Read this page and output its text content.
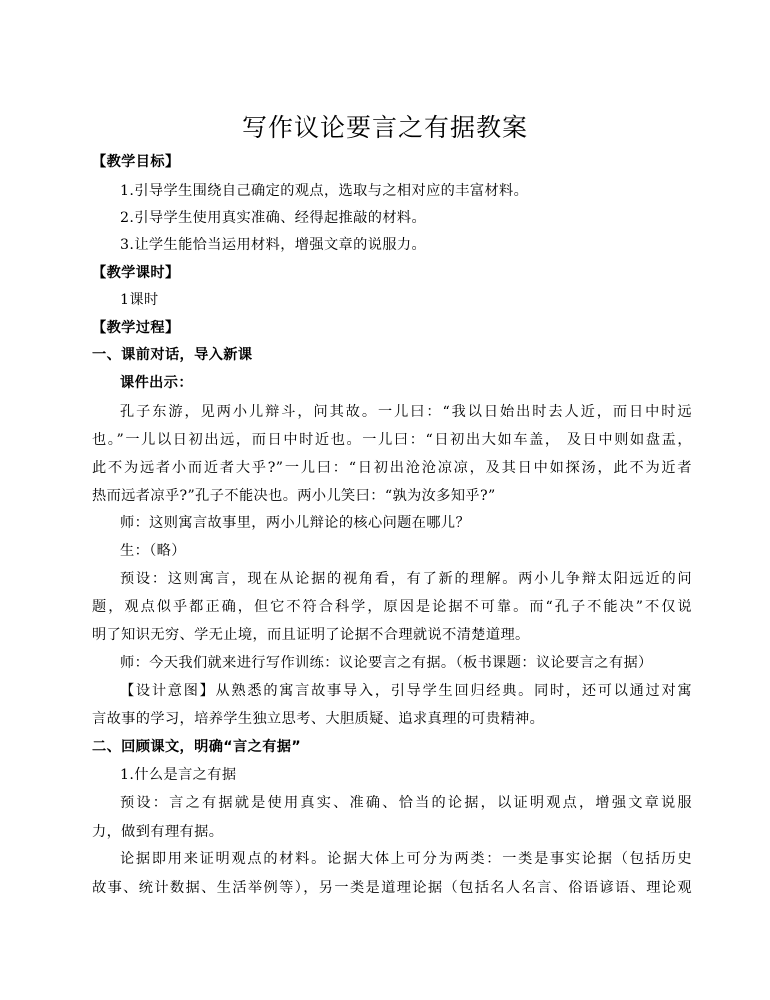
写作议论要言之有据教案
【教学目标】
1.引导学生围绕自己确定的观点，选取与之相对应的丰富材料。
2.引导学生使用真实准确、经得起推敲的材料。
3.让学生能恰当运用材料，增强文章的说服力。
【教学课时】
1课时
【教学过程】
一、课前对话，导入新课
课件出示：
孔子东游，见两小儿辩斗，问其故。一儿曰：“我以日始出时去人近，而日中时远
也。”一儿以日初出远，而日中时近也。一儿曰：“日初出大如车盖， 及日中则如盘盂，
此不为远者小而近者大乎?”一儿曰：“日初出沧沧凉凉，及其日中如探汤，此不为近者
热而远者凉乎?”孔子不能决也。两小儿笑曰：“孰为汝多知乎?”
师：这则寓言故事里，两小儿辩论的核心问题在哪儿？
生：（略）
预设：这则寓言，现在从论据的视角看，有了新的理解。两小儿争辩太阳远近的问
题，观点似乎都正确，但它不符合科学，原因是论据不可靠。而“孔子不能决”不仅说
明了知识无穷、学无止境，而且证明了论据不合理就说不清楚道理。
师：今天我们就来进行写作训练：议论要言之有据。（板书课题：议论要言之有据）
【设计意图】从熟悉的寓言故事导入，引导学生回归经典。同时，还可以通过对寓
言故事的学习，培养学生独立思考、大胆质疑、追求真理的可贵精神。
二、回顾课文，明确“言之有据”
1.什么是言之有据
预设：言之有据就是使用真实、准确、恰当的论据，以证明观点，增强文章说服
力，做到有理有据。
论据即用来证明观点的材料。论据大体上可分为两类：一类是事实论据（包括历史
故事、统计数据、生活举例等），另一类是道理论据（包括名人名言、俗语谚语、理论观
